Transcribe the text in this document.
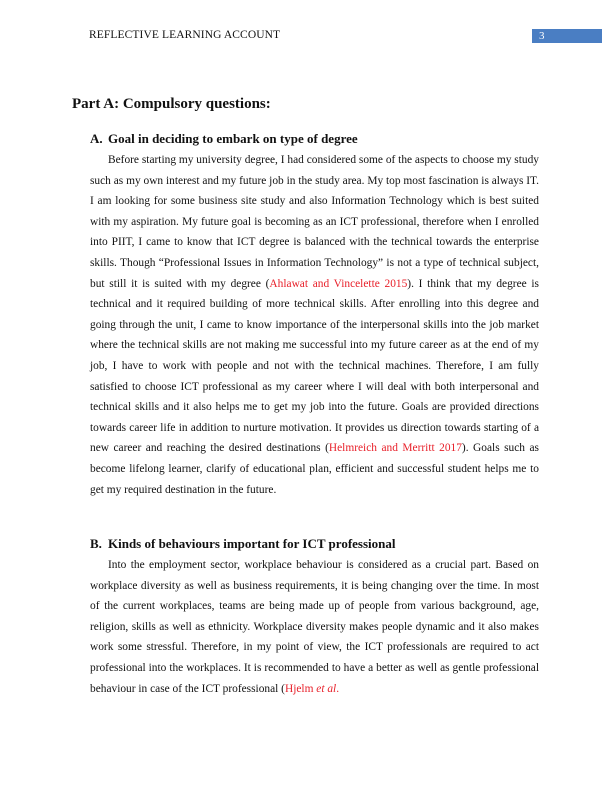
REFLECTIVE LEARNING ACCOUNT	3
Part A: Compulsory questions:
A. Goal in deciding to embark on type of degree

Before starting my university degree, I had considered some of the aspects to choose my study such as my own interest and my future job in the study area. My top most fascination is always IT. I am looking for some business site study and also Information Technology which is best suited with my aspiration. My future goal is becoming as an ICT professional, therefore when I enrolled into PIIT, I came to know that ICT degree is balanced with the technical towards the enterprise skills. Though “Professional Issues in Information Technology” is not a type of technical subject, but still it is suited with my degree (Ahlawat and Vincelette 2015). I think that my degree is technical and it required building of more technical skills. After enrolling into this degree and going through the unit, I came to know importance of the interpersonal skills into the job market where the technical skills are not making me successful into my future career as at the end of my job, I have to work with people and not with the technical machines. Therefore, I am fully satisfied to choose ICT professional as my career where I will deal with both interpersonal and technical skills and it also helps me to get my job into the future. Goals are provided directions towards career life in addition to nurture motivation. It provides us direction towards starting of a new career and reaching the desired destinations (Helmreich and Merritt 2017). Goals such as become lifelong learner, clarify of educational plan, efficient and successful student helps me to get my required destination in the future.

B. Kinds of behaviours important for ICT professional

Into the employment sector, workplace behaviour is considered as a crucial part. Based on workplace diversity as well as business requirements, it is being changing over the time. In most of the current workplaces, teams are being made up of people from various background, age, religion, skills as well as ethnicity. Workplace diversity makes people dynamic and it also makes work some stressful. Therefore, in my point of view, the ICT professionals are required to act professional into the workplaces. It is recommended to have a better as well as gentle professional behaviour in case of the ICT professional (Hjelm et al.
